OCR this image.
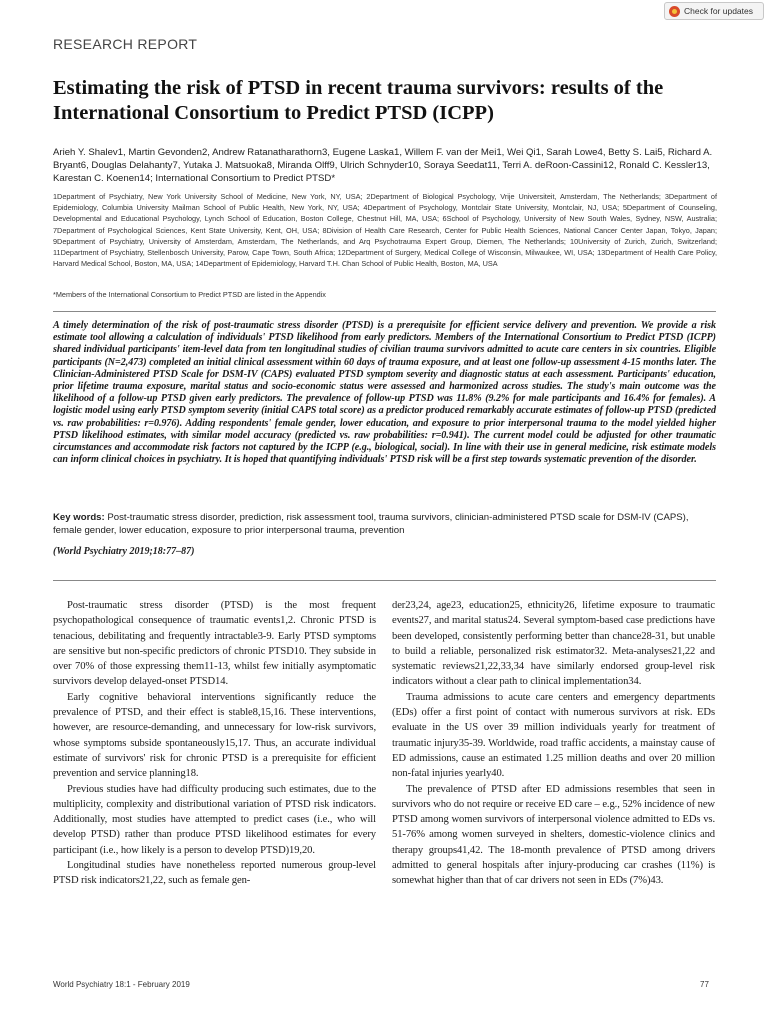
Check for updates
RESEARCH REPORT
Estimating the risk of PTSD in recent trauma survivors: results of the International Consortium to Predict PTSD (ICPP)
Arieh Y. Shalev1, Martin Gevonden2, Andrew Ratanatharathorn3, Eugene Laska1, Willem F. van der Mei1, Wei Qi1, Sarah Lowe4, Betty S. Lai5, Richard A. Bryant6, Douglas Delahanty7, Yutaka J. Matsuoka8, Miranda Olff9, Ulrich Schnyder10, Soraya Seedat11, Terri A. deRoon-Cassini12, Ronald C. Kessler13, Karestan C. Koenen14; International Consortium to Predict PTSD*
1Department of Psychiatry, New York University School of Medicine, New York, NY, USA; 2Department of Biological Psychology, Vrije Universiteit, Amsterdam, The Netherlands; 3Department of Epidemiology, Columbia University Mailman School of Public Health, New York, NY, USA; 4Department of Psychology, Montclair State University, Montclair, NJ, USA; 5Department of Counseling, Developmental and Educational Psychology, Lynch School of Education, Boston College, Chestnut Hill, MA, USA; 6School of Psychology, University of New South Wales, Sydney, NSW, Australia; 7Department of Psychological Sciences, Kent State University, Kent, OH, USA; 8Division of Health Care Research, Center for Public Health Sciences, National Cancer Center Japan, Tokyo, Japan; 9Department of Psychiatry, University of Amsterdam, Amsterdam, The Netherlands, and Arq Psychotrauma Expert Group, Diemen, The Netherlands; 10University of Zurich, Zurich, Switzerland; 11Department of Psychiatry, Stellenbosch University, Parow, Cape Town, South Africa; 12Department of Surgery, Medical College of Wisconsin, Milwaukee, WI, USA; 13Department of Health Care Policy, Harvard Medical School, Boston, MA, USA; 14Department of Epidemiology, Harvard T.H. Chan School of Public Health, Boston, MA, USA
*Members of the International Consortium to Predict PTSD are listed in the Appendix
A timely determination of the risk of post-traumatic stress disorder (PTSD) is a prerequisite for efficient service delivery and prevention. We provide a risk estimate tool allowing a calculation of individuals' PTSD likelihood from early predictors. Members of the International Consortium to Predict PTSD (ICPP) shared individual participants' item-level data from ten longitudinal studies of civilian trauma survivors admitted to acute care centers in six countries. Eligible participants (N=2,473) completed an initial clinical assessment within 60 days of trauma exposure, and at least one follow-up assessment 4-15 months later. The Clinician-Administered PTSD Scale for DSM-IV (CAPS) evaluated PTSD symptom severity and diagnostic status at each assessment. Participants' education, prior lifetime trauma exposure, marital status and socio-economic status were assessed and harmonized across studies. The study's main outcome was the likelihood of a follow-up PTSD given early predictors. The prevalence of follow-up PTSD was 11.8% (9.2% for male participants and 16.4% for females). A logistic model using early PTSD symptom severity (initial CAPS total score) as a predictor produced remarkably accurate estimates of follow-up PTSD (predicted vs. raw probabilities: r=0.976). Adding respondents' female gender, lower education, and exposure to prior interpersonal trauma to the model yielded higher PTSD likelihood estimates, with similar model accuracy (predicted vs. raw probabilities: r=0.941). The current model could be adjusted for other traumatic circumstances and accommodate risk factors not captured by the ICPP (e.g., biological, social). In line with their use in general medicine, risk estimate models can inform clinical choices in psychiatry. It is hoped that quantifying individuals' PTSD risk will be a first step towards systematic prevention of the disorder.
Key words: Post-traumatic stress disorder, prediction, risk assessment tool, trauma survivors, clinician-administered PTSD scale for DSM-IV (CAPS), female gender, lower education, exposure to prior interpersonal trauma, prevention
(World Psychiatry 2019;18:77–87)

Post-traumatic stress disorder (PTSD) is the most frequent psychopathological consequence of traumatic events1,2. Chronic PTSD is tenacious, debilitating and frequently intractable3-9. Early PTSD symptoms are sensitive but non-specific predictors of chronic PTSD10. They subside in over 70% of those expressing them11-13, whilst few initially asymptomatic survivors develop delayed-onset PTSD14.

Early cognitive behavioral interventions significantly reduce the prevalence of PTSD, and their effect is stable8,15,16. These interventions, however, are resource-demanding, and unnecessary for low-risk survivors, whose symptoms subside spontaneously15,17. Thus, an accurate individual estimate of survivors' risk for chronic PTSD is a prerequisite for efficient prevention and service planning18.

Previous studies have had difficulty producing such estimates, due to the multiplicity, complexity and distributional variation of PTSD risk indicators. Additionally, most studies have attempted to predict cases (i.e., who will develop PTSD) rather than produce PTSD likelihood estimates for every participant (i.e., how likely is a person to develop PTSD)19,20.

Longitudinal studies have nonetheless reported numerous group-level PTSD risk indicators21,22, such as female gen-

der23,24, age23, education25, ethnicity26, lifetime exposure to traumatic events27, and marital status24. Several symptom-based case predictions have been developed, consistently performing better than chance28-31, but unable to build a reliable, personalized risk estimator32. Meta-analyses21,22 and systematic reviews21,22,33,34 have similarly endorsed group-level risk indicators without a clear path to clinical implementation34.

Trauma admissions to acute care centers and emergency departments (EDs) offer a first point of contact with numerous survivors at risk. EDs evaluate in the US over 39 million individuals yearly for treatment of traumatic injury35-39. Worldwide, road traffic accidents, a mainstay cause of ED admissions, cause an estimated 1.25 million deaths and over 20 million non-fatal injuries yearly40.

The prevalence of PTSD after ED admissions resembles that seen in survivors who do not require or receive ED care – e.g., 52% incidence of new PTSD among women survivors of interpersonal violence admitted to EDs vs. 51-76% among women surveyed in shelters, domestic-violence clinics and therapy groups41,42. The 18-month prevalence of PTSD among drivers admitted to general hospitals after injury-producing car crashes (11%) is somewhat higher than that of car drivers not seen in EDs (7%)43.

World Psychiatry 18:1 - February 2019	77
